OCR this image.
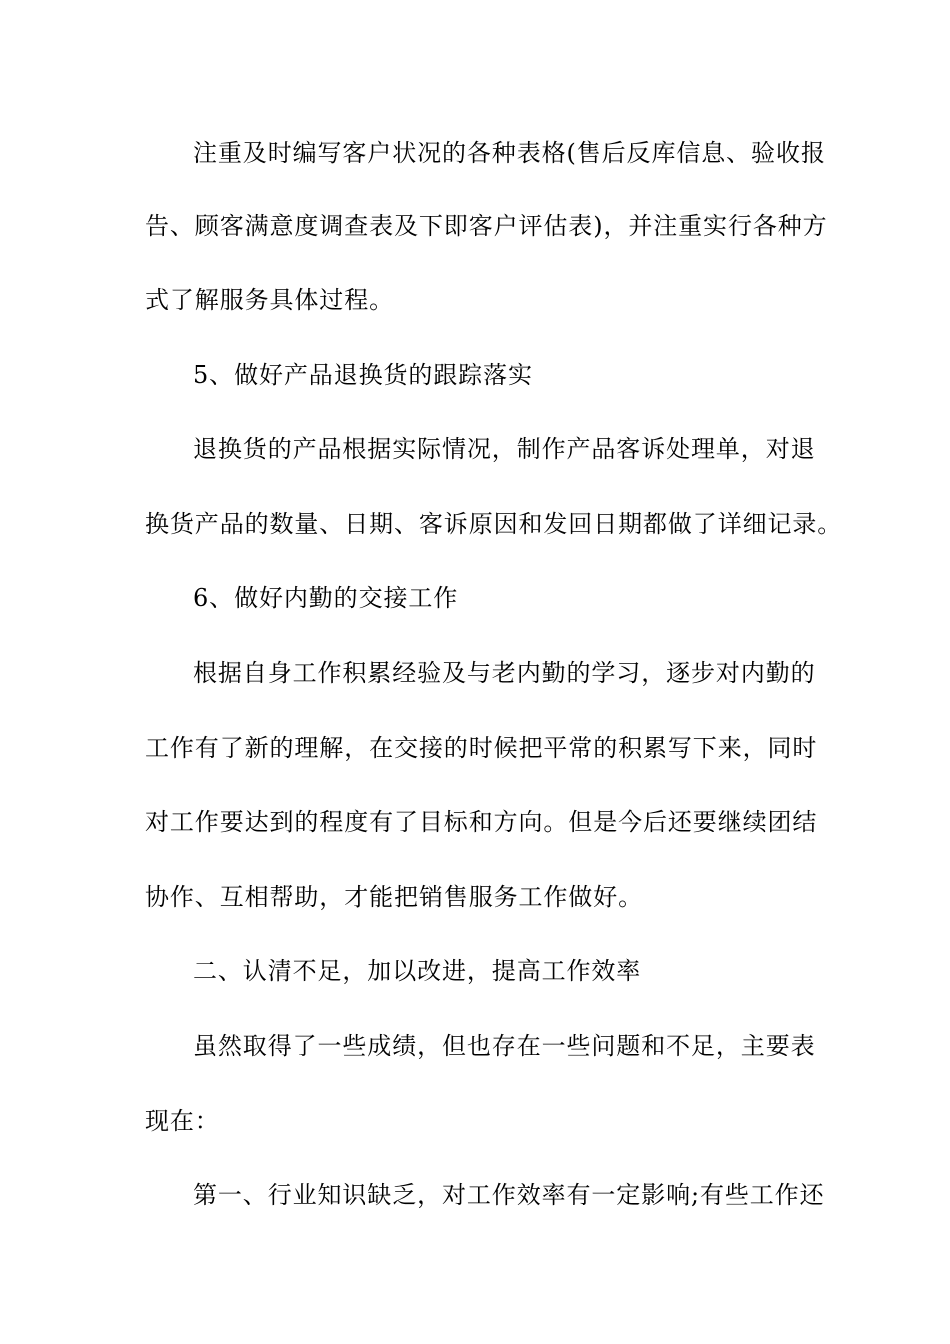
注重及时编写客户状况的各种表格(售后反库信息、验收报
告、顾客满意度调查表及下即客户评估表)，并注重实行各种方
式了解服务具体过程。
5、做好产品退换货的跟踪落实
退换货的产品根据实际情况，制作产品客诉处理单，对退
换货产品的数量、日期、客诉原因和发回日期都做了详细记录。
6、做好内勤的交接工作
根据自身工作积累经验及与老内勤的学习，逐步对内勤的
工作有了新的理解，在交接的时候把平常的积累写下来，同时
对工作要达到的程度有了目标和方向。但是今后还要继续团结
协作、互相帮助，才能把销售服务工作做好。
二、认清不足，加以改进，提高工作效率
虽然取得了一些成绩，但也存在一些问题和不足，主要表
现在：
第一、行业知识缺乏，对工作效率有一定影响;有些工作还
